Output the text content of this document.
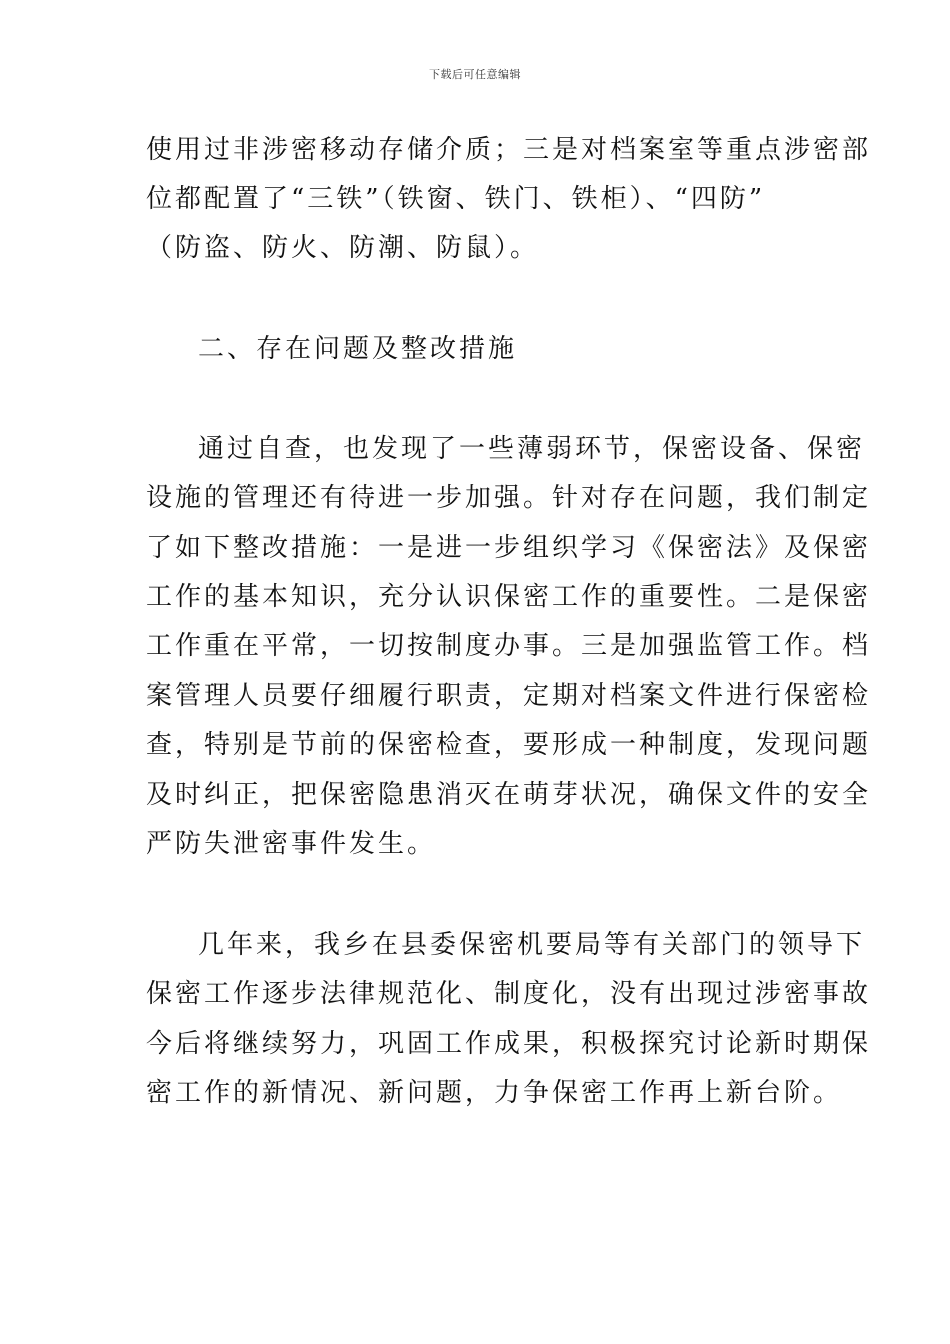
下载后可任意编辑
使用过非涉密移动存储介质；三是对档案室等重点涉密部
位都配置了“三铁”（铁窗、铁门、铁柜）、“四防”
（防盗、防火、防潮、防鼠）。
二、存在问题及整改措施
通过自查，也发现了一些薄弱环节，保密设备、保密
设施的管理还有待进一步加强。针对存在问题，我们制定
了如下整改措施：一是进一步组织学习《保密法》及保密
工作的基本知识，充分认识保密工作的重要性。二是保密
工作重在平常，一切按制度办事。三是加强监管工作。档
案管理人员要仔细履行职责，定期对档案文件进行保密检
查，特别是节前的保密检查，要形成一种制度，发现问题
及时纠正，把保密隐患消灭在萌芽状况，确保文件的安全
严防失泄密事件发生。
几年来，我乡在县委保密机要局等有关部门的领导下
保密工作逐步法律规范化、制度化，没有出现过涉密事故
今后将继续努力，巩固工作成果，积极探究讨论新时期保
密工作的新情况、新问题，力争保密工作再上新台阶。
